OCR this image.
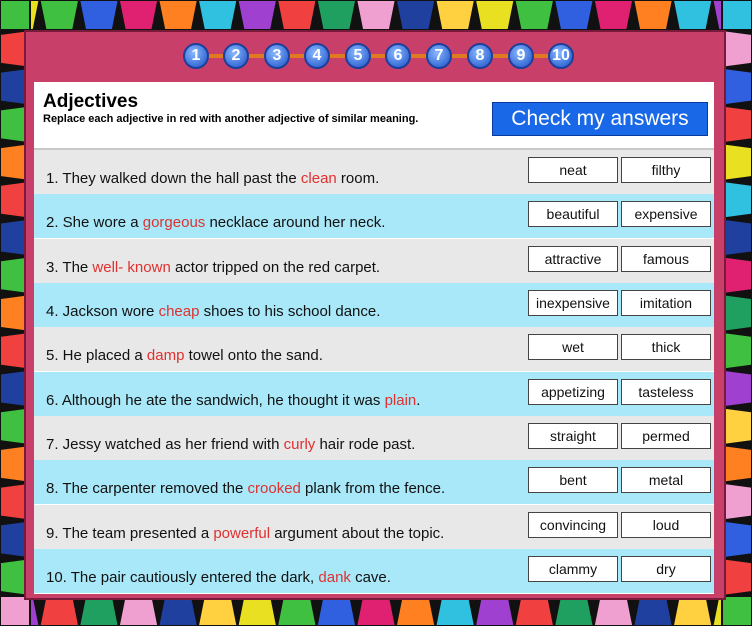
1	2	3	4	5	6	7	8	9	10
Adjectives
Replace each adjective in red with another adjective of similar meaning.	Check my answers
1. They walked down the hall past the clean room.	neat	filthy
2. She wore a gorgeous necklace around her neck.	beautiful	expensive
3. The well- known actor tripped on the red carpet.	attractive	famous
4. Jackson wore cheap shoes to his school dance.	inexpensive	imitation
5. He placed a damp towel onto the sand.	wet	thick
6. Although he ate the sandwich, he thought it was plain.	appetizing	tasteless
7. Jessy watched as her friend with curly hair rode past.	straight	permed
8. The carpenter removed the crooked plank from the fence.	bent	metal
9. The team presented a powerful argument about the topic.	convincing	loud
10. The pair cautiously entered the dark, dank cave.	clammy	dry
